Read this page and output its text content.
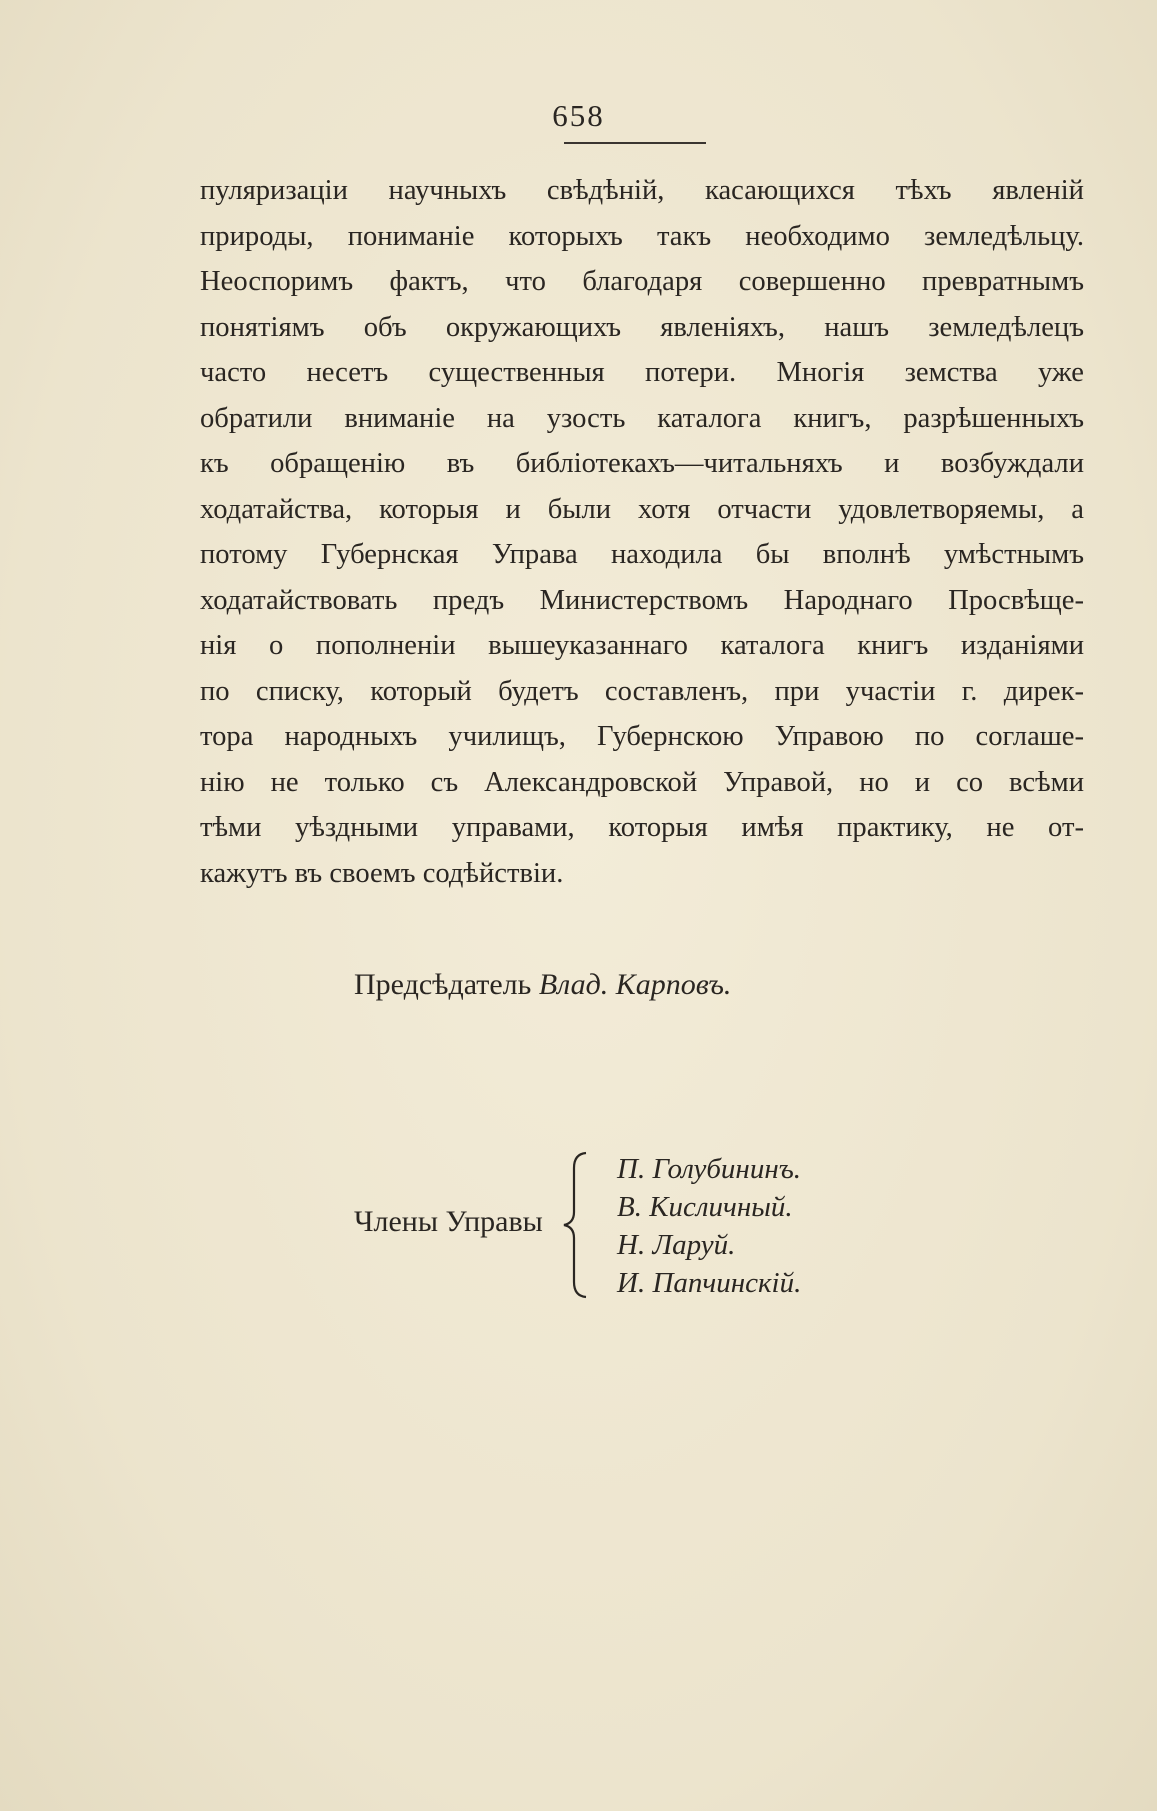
658
пуляризаціи научныхъ свѣдѣній, касающихся тѣхъ явленій
природы, пониманіе которыхъ такъ необходимо земледѣльцу.
Неоспоримъ фактъ, что благодаря совершенно превратнымъ
понятіямъ объ окружающихъ явленіяхъ, нашъ земледѣлецъ
часто несетъ существенныя потери. Многія земства уже
обратили вниманіе на узость каталога книгъ, разрѣшенныхъ
къ обращенію въ библіотекахъ—читальняхъ и возбуждали
ходатайства, которыя и были хотя отчасти удовлетворяемы, а
потому Губернская Управа находила бы вполнѣ умѣстнымъ
ходатайствовать предъ Министерствомъ Народнаго Просвѣще-
нія о пополненіи вышеуказаннаго каталога книгъ изданіями
по списку, который будетъ составленъ, при участіи г. дирек-
тора народныхъ училищъ, Губернскою Управою по соглаше-
нію не только съ Александровской Управой, но и со всѣми
тѣми уѣздными управами, которыя имѣя практику, не от-
кажутъ въ своемъ содѣйствіи.
Предсѣдатель Влад. Карповъ.
Члены Управы
П. Голубининъ.
В. Кисличный.
Н. Ларуй.
И. Папчинскій.
